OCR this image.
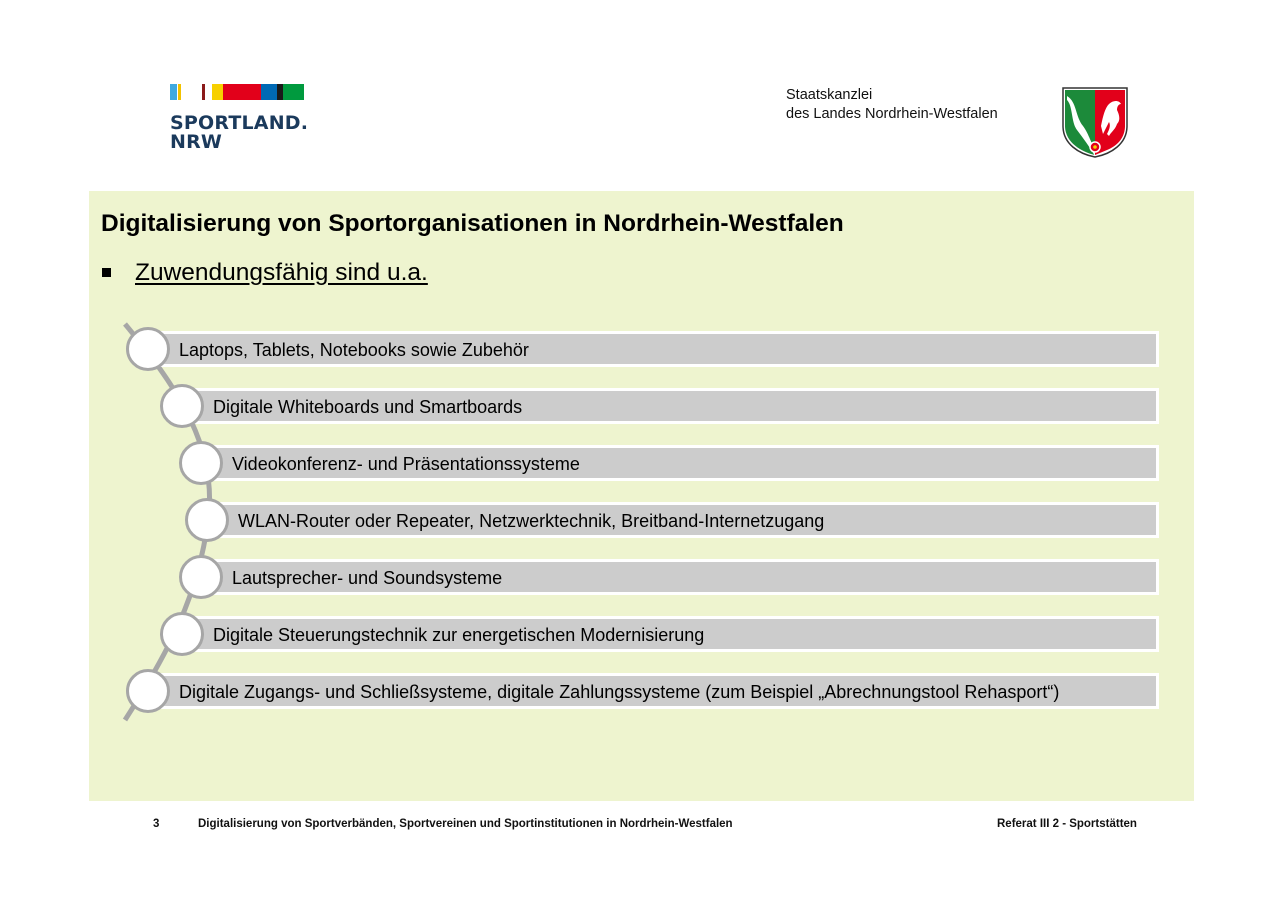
SPORTLAND.
NRW
Staatskanzlei
des Landes Nordrhein-Westfalen
Digitalisierung von Sportorganisationen in Nordrhein-Westfalen
Zuwendungsfähig sind u.a.
Laptops, Tablets, Notebooks sowie Zubehör
Digitale Whiteboards und Smartboards
Videokonferenz- und Präsentationssysteme
WLAN-Router oder Repeater, Netzwerktechnik, Breitband-Internetzugang
Lautsprecher- und Soundsysteme
Digitale Steuerungstechnik zur energetischen Modernisierung
Digitale Zugangs- und Schließsysteme, digitale Zahlungssysteme (zum Beispiel „Abrechnungstool Rehasport“)
3	Digitalisierung von Sportverbänden, Sportvereinen und Sportinstitutionen in Nordrhein-Westfalen	Referat III 2 - Sportstätten
